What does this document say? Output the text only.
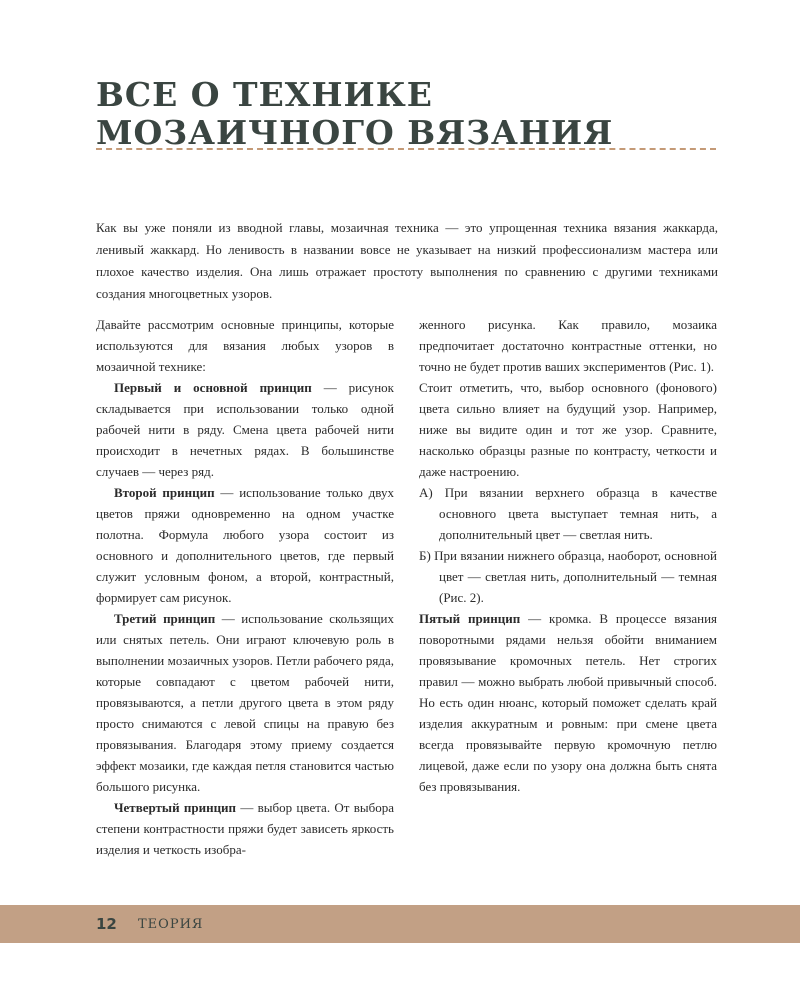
ВСЕ О ТЕХНИКЕ
МОЗАИЧНОГО ВЯЗАНИЯ

Как вы уже поняли из вводной главы, мозаичная техника — это упрощенная техника вязания жаккарда, ленивый жаккард. Но ленивость в названии вовсе не указывает на низкий профессионализм мастера или плохое качество изделия. Она лишь отражает простоту выполнения по сравнению с другими техниками создания многоцветных узоров.

Давайте рассмотрим основные принципы, которые используются для вязания любых узоров в мозаичной технике:

Первый и основной принцип — рисунок складывается при использовании только одной рабочей нити в ряду. Смена цвета рабочей нити происходит в нечетных рядах. В большинстве случаев — через ряд.

Второй принцип — использование только двух цветов пряжи одновременно на одном участке полотна. Формула любого узора состоит из основного и дополнительного цветов, где первый служит условным фоном, а второй, контрастный, формирует сам рисунок.

Третий принцип — использование скользящих или снятых петель. Они играют ключевую роль в выполнении мозаичных узоров. Петли рабочего ряда, которые совпадают с цветом рабочей нити, провязываются, а петли другого цвета в этом ряду просто снимаются с левой спицы на правую без провязывания. Благодаря этому приему создается эффект мозаики, где каждая петля становится частью большого рисунка.

Четвертый принцип — выбор цвета. От выбора степени контрастности пряжи будет зависеть яркость изделия и четкость изобра-

женного рисунка. Как правило, мозаика предпочитает достаточно контрастные оттенки, но точно не будет против ваших экспериментов (Рис. 1).

Стоит отметить, что, выбор основного (фонового) цвета сильно влияет на будущий узор. Например, ниже вы видите один и тот же узор. Сравните, насколько образцы разные по контрасту, четкости и даже настроению.

А) При вязании верхнего образца в качестве основного цвета выступает темная нить, а дополнительный цвет — светлая нить.

Б) При вязании нижнего образца, наоборот, основной цвет — светлая нить, дополнительный — темная (Рис. 2).

Пятый принцип — кромка. В процессе вязания поворотными рядами нельзя обойти вниманием провязывание кромочных петель. Нет строгих правил — можно выбрать любой привычный способ. Но есть один нюанс, который поможет сделать край изделия аккуратным и ровным: при смене цвета всегда провязывайте первую кромочную петлю лицевой, даже если по узору она должна быть снята без провязывания.

12 ТЕОРИЯ
